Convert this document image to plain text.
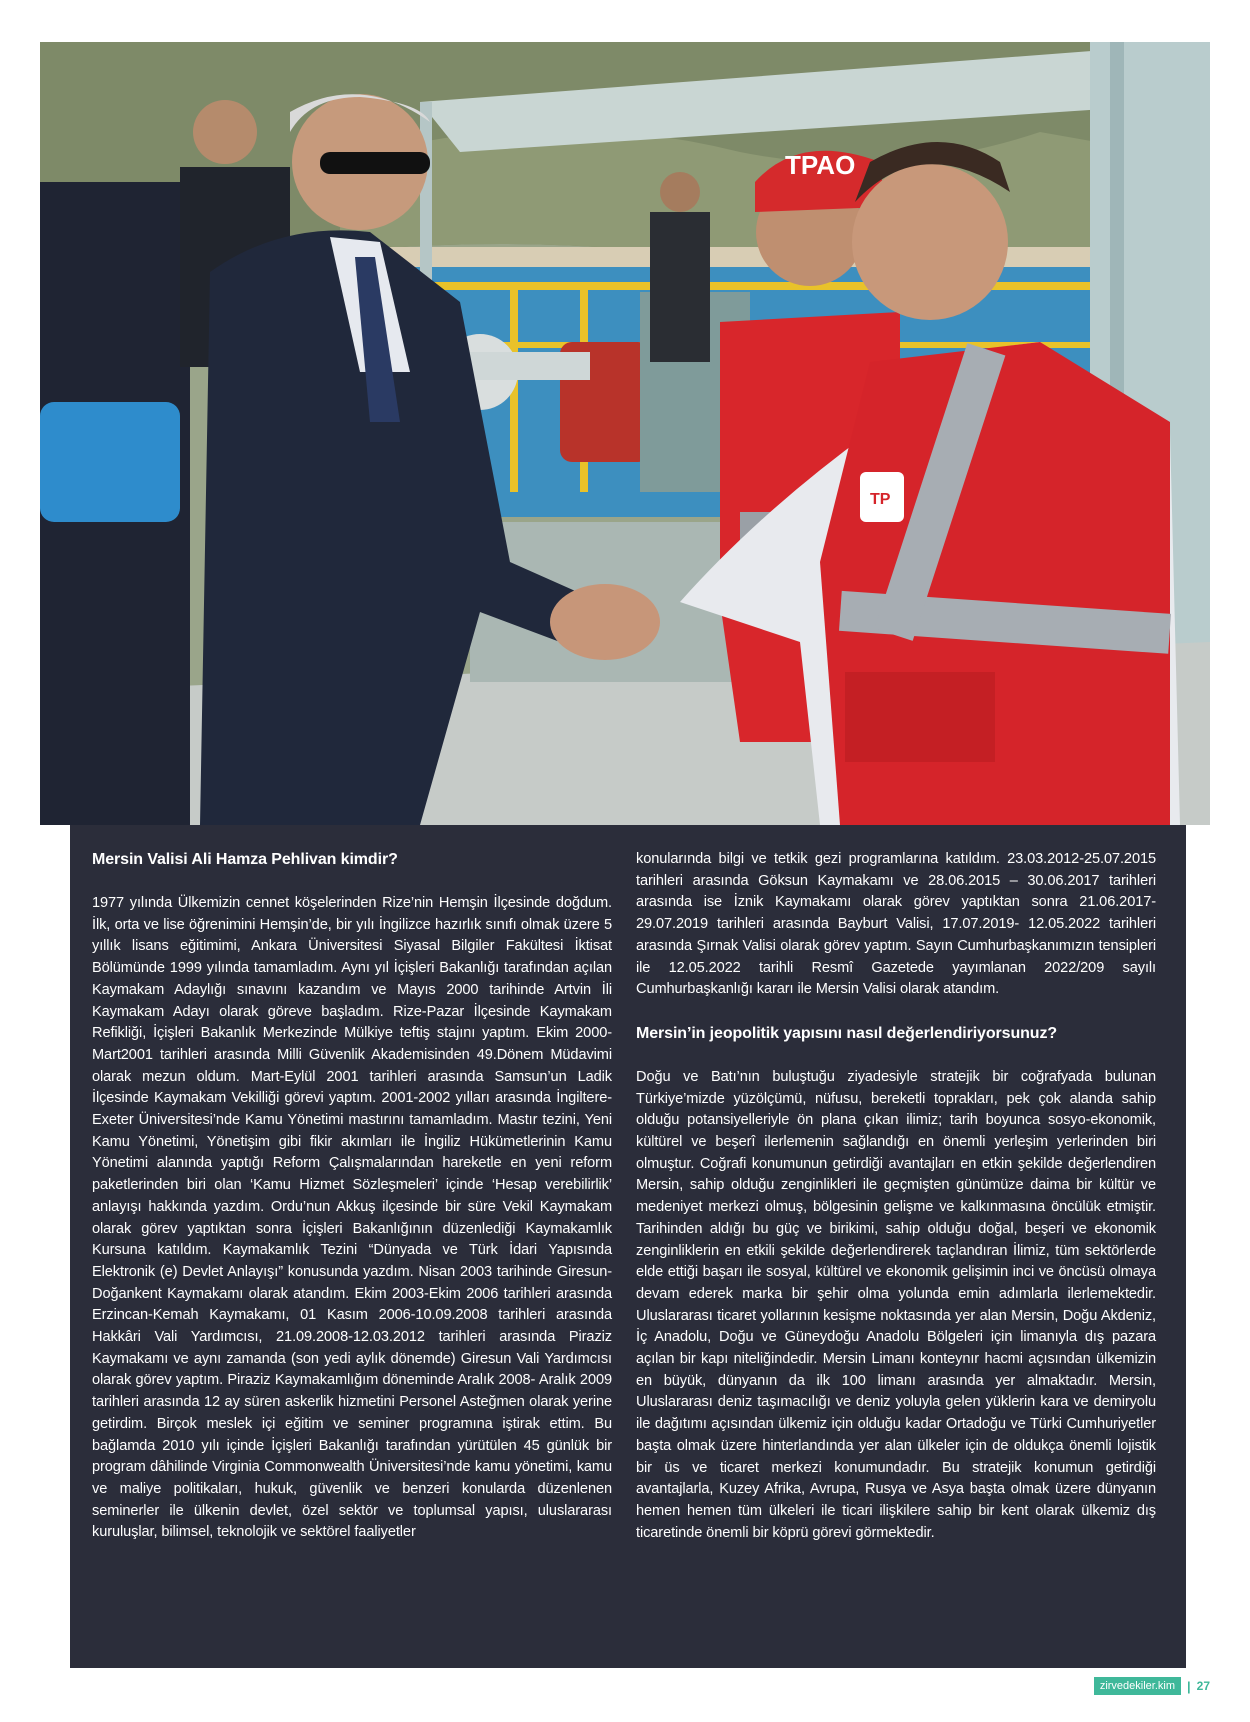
TPAO
TP
Mersin Valisi Ali Hamza Pehlivan kimdir?

1977 yılında Ülkemizin cennet köşelerinden Rize’nin Hemşin İlçesinde doğdum. İlk, orta ve lise öğrenimini Hemşin’de, bir yılı İngilizce hazırlık sınıfı olmak üzere 5 yıllık lisans eğitimimi, Ankara Üniversitesi Siyasal Bilgiler Fakültesi İktisat Bölümünde 1999 yılında tamamladım. Aynı yıl İçişleri Bakanlığı tarafından açılan Kaymakam Adaylığı sınavını kazandım ve Mayıs 2000 tarihinde Artvin İli Kaymakam Adayı olarak göreve başladım. Rize-Pazar İlçesinde Kaymakam Refikliği, İçişleri Bakanlık Merkezinde Mülkiye teftiş stajını yaptım. Ekim 2000-Mart2001 tarihleri arasında Milli Güvenlik Akademisinden 49.Dönem Müdavimi olarak mezun oldum. Mart-Eylül 2001 tarihleri arasında Samsun’un Ladik İlçesinde Kaymakam Vekilliği görevi yaptım. 2001-2002 yılları arasında İngiltere-Exeter Üniversitesi’nde Kamu Yönetimi mastırını tamamladım. Mastır tezini, Yeni Kamu Yönetimi, Yönetişim gibi fikir akımları ile İngiliz Hükümetlerinin Kamu Yönetimi alanında yaptığı Reform Çalışmalarından hareketle en yeni reform paketlerinden biri olan ‘Kamu Hizmet Sözleşmeleri’ içinde ‘Hesap verebilirlik’ anlayışı hakkında yazdım. Ordu’nun Akkuş ilçesinde bir süre Vekil Kaymakam olarak görev yaptıktan sonra İçişleri Bakanlığının düzenlediği Kaymakamlık Kursuna katıldım. Kaymakamlık Tezini “Dünyada ve Türk İdari Yapısında Elektronik (e) Devlet Anlayışı” konusunda yazdım. Nisan 2003 tarihinde Giresun-Doğankent Kaymakamı olarak atandım. Ekim 2003-Ekim 2006 tarihleri arasında Erzincan-Kemah Kaymakamı, 01 Kasım 2006-10.09.2008 tarihleri arasında Hakkâri Vali Yardımcısı, 21.09.2008-12.03.2012 tarihleri arasında Piraziz Kaymakamı ve aynı zamanda (son yedi aylık dönemde) Giresun Vali Yardımcısı olarak görev yaptım. Piraziz Kaymakamlığım döneminde Aralık 2008- Aralık 2009 tarihleri arasında 12 ay süren askerlik hizmetini Personel Asteğmen olarak yerine getirdim. Birçok meslek içi eğitim ve seminer programına iştirak ettim. Bu bağlamda 2010 yılı içinde İçişleri Bakanlığı tarafından yürütülen 45 günlük bir program dâhilinde Virginia Commonwealth Üniversitesi’nde kamu yönetimi, kamu ve maliye politikaları, hukuk, güvenlik ve benzeri konularda düzenlenen seminerler ile ülkenin devlet, özel sektör ve toplumsal yapısı, uluslararası kuruluşlar, bilimsel, teknolojik ve sektörel faaliyetler

konularında bilgi ve tetkik gezi programlarına katıldım. 23.03.2012-25.07.2015 tarihleri arasında Göksun Kaymakamı ve 28.06.2015 – 30.06.2017 tarihleri arasında ise İznik Kaymakamı olarak görev yaptıktan sonra 21.06.2017- 29.07.2019 tarihleri arasında Bayburt Valisi, 17.07.2019- 12.05.2022 tarihleri arasında Şırnak Valisi olarak görev yaptım. Sayın Cumhurbaşkanımızın tensipleri ile 12.05.2022 tarihli Resmî Gazetede yayımlanan 2022/209 sayılı Cumhurbaşkanlığı kararı ile Mersin Valisi olarak atandım.

Mersin’in jeopolitik yapısını nasıl değerlendiriyorsunuz?

Doğu ve Batı’nın buluştuğu ziyadesiyle stratejik bir coğrafyada bulunan Türkiye’mizde yüzölçümü, nüfusu, bereketli toprakları, pek çok alanda sahip olduğu potansiyelleriyle ön plana çıkan ilimiz; tarih boyunca sosyo-ekonomik, kültürel ve beşerî ilerlemenin sağlandığı en önemli yerleşim yerlerinden biri olmuştur. Coğrafi konumunun getirdiği avantajları en etkin şekilde değerlendiren Mersin, sahip olduğu zenginlikleri ile geçmişten günümüze daima bir kültür ve medeniyet merkezi olmuş, bölgesinin gelişme ve kalkınmasına öncülük etmiştir. Tarihinden aldığı bu güç ve birikimi, sahip olduğu doğal, beşeri ve ekonomik zenginliklerin en etkili şekilde değerlendirerek taçlandıran İlimiz, tüm sektörlerde elde ettiği başarı ile sosyal, kültürel ve ekonomik gelişimin inci ve öncüsü olmaya devam ederek marka bir şehir olma yolunda emin adımlarla ilerlemektedir. Uluslararası ticaret yollarının kesişme noktasında yer alan Mersin, Doğu Akdeniz, İç Anadolu, Doğu ve Güneydoğu Anadolu Bölgeleri için limanıyla dış pazara açılan bir kapı niteliğindedir. Mersin Limanı konteynır hacmi açısından ülkemizin en büyük, dünyanın da ilk 100 limanı arasında yer almaktadır. Mersin, Uluslararası deniz taşımacılığı ve deniz yoluyla gelen yüklerin kara ve demiryolu ile dağıtımı açısından ülkemiz için olduğu kadar Ortadoğu ve Türki Cumhuriyetler başta olmak üzere hinterlandında yer alan ülkeler için de oldukça önemli lojistik bir üs ve ticaret merkezi konumundadır. Bu stratejik konumun getirdiği avantajlarla, Kuzey Afrika, Avrupa, Rusya ve Asya başta olmak üzere dünyanın hemen hemen tüm ülkeleri ile ticari ilişkilere sahip bir kent olarak ülkemiz dış ticaretinde önemli bir köprü görevi görmektedir.

zirvedekiler.kim | 27
